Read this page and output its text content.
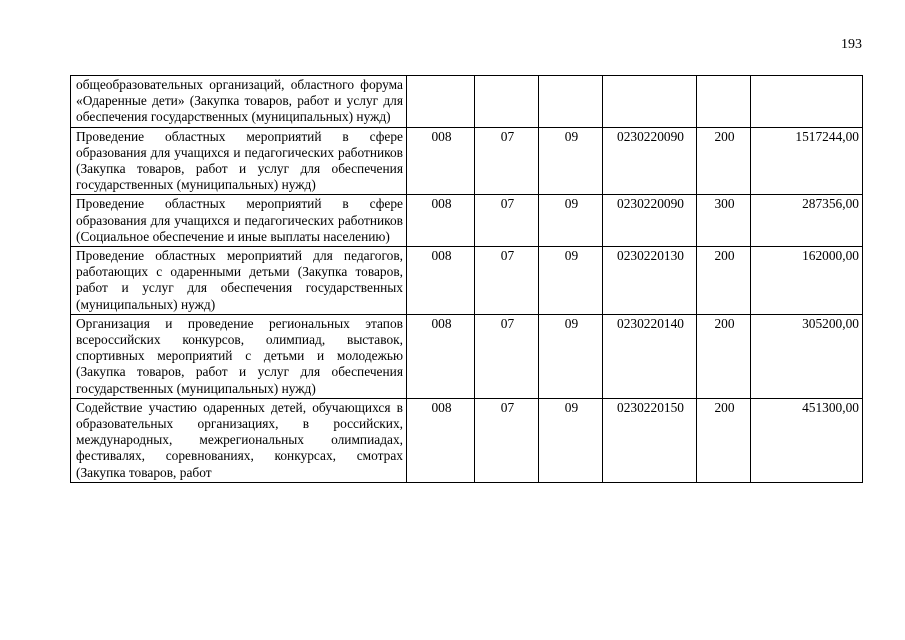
193
общеобразовательных организаций, областного форума «Одаренные дети» (Закупка товаров, работ и услуг для обеспечения государственных (муниципальных) нужд)						
Проведение областных мероприятий в сфере образования для учащихся и педагогических работников (Закупка товаров, работ и услуг для обеспечения государственных (муниципальных) нужд)	008	07	09	0230220090	200	1517244,00
Проведение областных мероприятий в сфере образования для учащихся и педагогических работников (Социальное обеспечение и иные выплаты населению)	008	07	09	0230220090	300	287356,00
Проведение областных мероприятий для педагогов, работающих с одаренными детьми (Закупка товаров, работ и услуг для обеспечения государственных (муниципальных) нужд)	008	07	09	0230220130	200	162000,00
Организация и проведение региональных этапов всероссийских конкурсов, олимпиад, выставок, спортивных мероприятий с детьми и молодежью (Закупка товаров, работ и услуг для обеспечения государственных (муниципальных) нужд)	008	07	09	0230220140	200	305200,00
Содействие участию одаренных детей, обучающихся в образовательных организациях, в российских, международных, межрегиональных олимпиадах, фестивалях, соревнованиях, конкурсах, смотрах (Закупка товаров, работ	008	07	09	0230220150	200	451300,00
